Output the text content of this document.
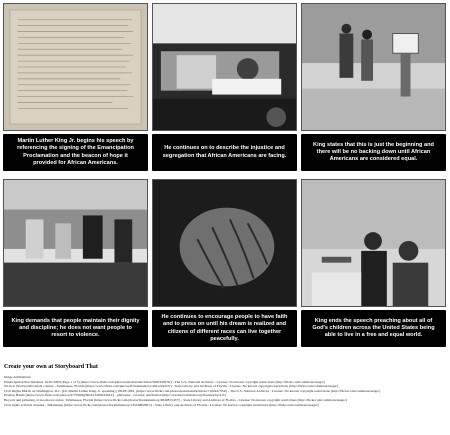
Martin Luther King Jr. begins his speech by referencing the signing of the Emancipation Proclamation and the beacon of hope it provided for African Americans.
He continues on to describe the injustice and segregation that African Americans are facing.
King states that this is just the beginning and there will be no backing down until African Americans are considered equal.
King demands that people maintain their dignity and discipline; he does not want people to resort to violence.
He continues to encourage people to have faith and to press on until his dream is realized and citizens of different races can live together peacefully.
King ends the speech preaching about all of God's children across the United States being able to live in a free and equal world.
Create your own at Storyboard That
Image Attributions:
Emancipation Proclamation, 01/01/1863 (Page 1 of 5) (https://www.flickr.com/photos/usnationalarchives/5695345676/) - The U.S. National Archives - License: No known copyright restrictions (http://flickr.com/commons/usage/)
Sit-in at Woolworth's lunch counter - Tallahassee, Florida (https://www.flickr.com/photos/floridamemory/4941222225/) - State Library and Archives of Florida - License: No known copyright restrictions (http://flickr.com/commons/usage/)
Civil Rights March on Washington, D.C. [Dr. Martin Luther King, Jr. speaking.], 08/28/1963. (https://www.flickr.com/photos/usnationalarchives/7102447534/) - The U.S. National Archives - License: No known copyright restrictions (http://flickr.com/commons/usage/)
Praying Hands (https://www.flickr.com/photos/9775960@N04/13285043624/) - phitwiese - License: Attribution (http://creativecommons.org/licenses/by/2.0/)
Boycott and picketing of downtown stores: Tallahassee, Florida (https://www.flickr.com/photos/floridamemory/4840815457/) - State Library and Archives of Florida - License: No known copyright restrictions (http://flickr.com/commons/usage/)
Civil rights activists arrested - Tallahassee (https://www.flickr.com/photos/floridamemory/14516862961/) - State Library and Archives of Florida - License: No known copyright restrictions (http://flickr.com/commons/usage/)
